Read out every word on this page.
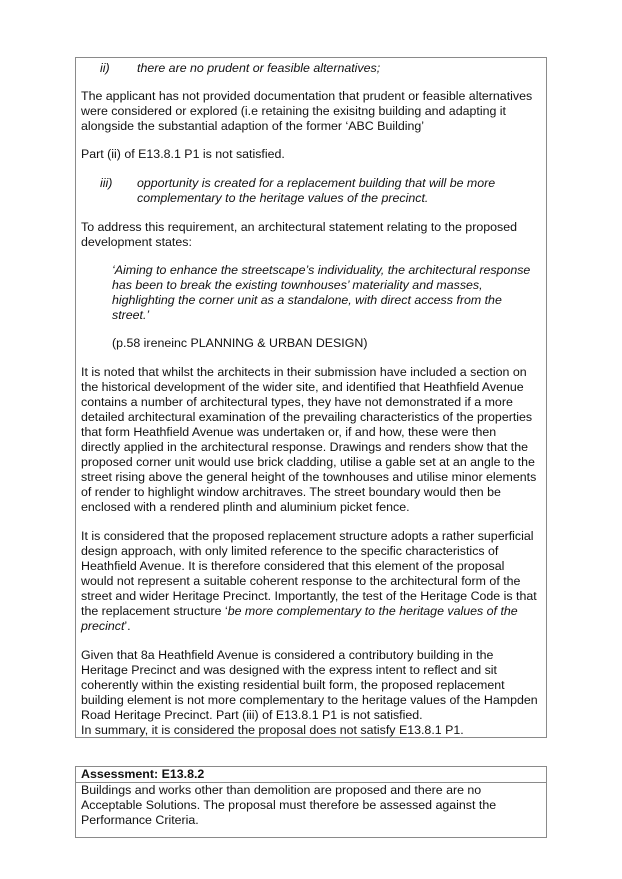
ii) there are no prudent or feasible alternatives;
The applicant has not provided documentation that prudent or feasible alternatives
were considered or explored (i.e retaining the exisitng building and adapting it
alongside the substantial adaption of the former ‘ABC Building’
Part (ii) of E13.8.1 P1 is not satisfied.
iii) opportunity is created for a replacement building that will be more
complementary to the heritage values of the precinct.
To address this requirement, an architectural statement relating to the proposed
development states:
‘Aiming to enhance the streetscape’s individuality, the architectural response
has been to break the existing townhouses’ materiality and masses,
highlighting the corner unit as a standalone, with direct access from the
street.’
(p.58 ireneinc PLANNING & URBAN DESIGN)
It is noted that whilst the architects in their submission have included a section on
the historical development of the wider site, and identified that Heathfield Avenue
contains a number of architectural types, they have not demonstrated if a more
detailed architectural examination of the prevailing characteristics of the properties
that form Heathfield Avenue was undertaken or, if and how, these were then
directly applied in the architectural response. Drawings and renders show that the
proposed corner unit would use brick cladding, utilise a gable set at an angle to the
street rising above the general height of the townhouses and utilise minor elements
of render to highlight window architraves. The street boundary would then be
enclosed with a rendered plinth and aluminium picket fence.
It is considered that the proposed replacement structure adopts a rather superficial
design approach, with only limited reference to the specific characteristics of
Heathfield Avenue. It is therefore considered that this element of the proposal
would not represent a suitable coherent response to the architectural form of the
street and wider Heritage Precinct. Importantly, the test of the Heritage Code is that
the replacement structure ‘be more complementary to the heritage values of the
precinct’.
Given that 8a Heathfield Avenue is considered a contributory building in the
Heritage Precinct and was designed with the express intent to reflect and sit
coherently within the existing residential built form, the proposed replacement
building element is not more complementary to the heritage values of the Hampden
Road Heritage Precinct. Part (iii) of E13.8.1 P1 is not satisfied.
In summary, it is considered the proposal does not satisfy E13.8.1 P1.
Assessment: E13.8.2
Buildings and works other than demolition are proposed and there are no
Acceptable Solutions. The proposal must therefore be assessed against the
Performance Criteria.
